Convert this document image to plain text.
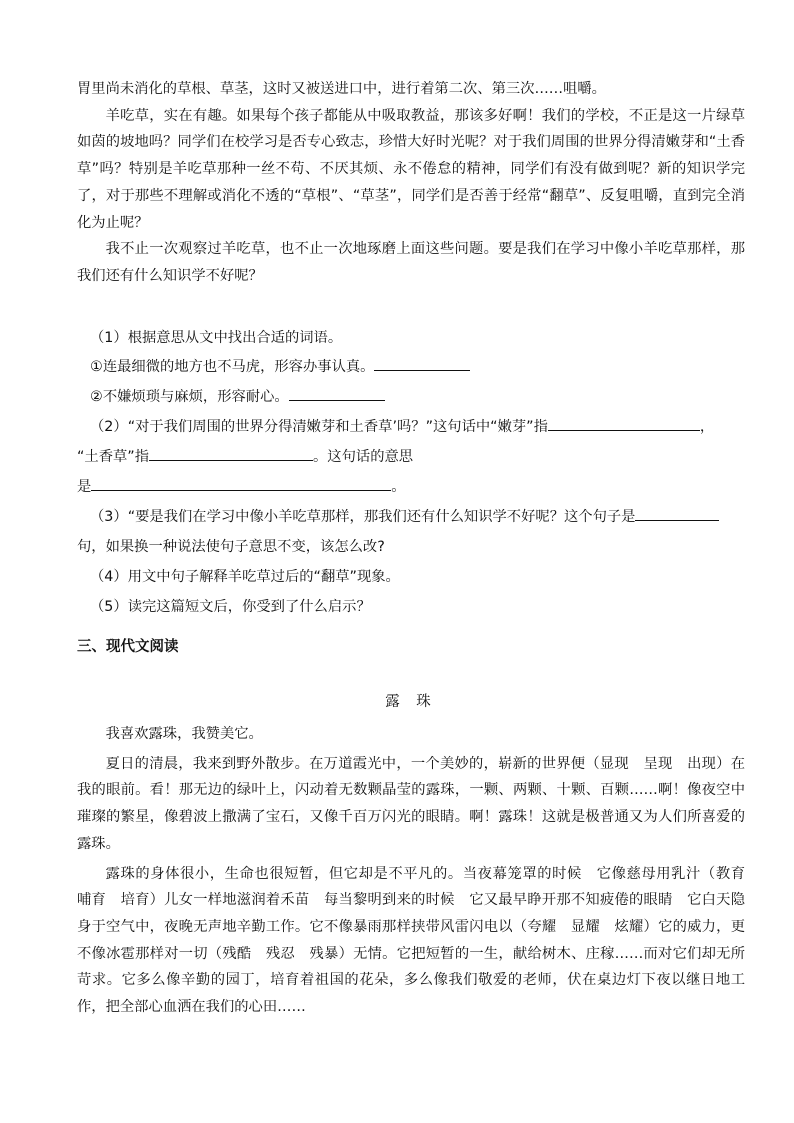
胃里尚未消化的草根、草茎，这时又被送进口中，进行着第二次、第三次……咀嚼。

羊吃草，实在有趣。如果每个孩子都能从中吸取教益，那该多好啊！我们的学校，不正是这一片绿草如茵的坡地吗？同学们在校学习是否专心致志，珍惜大好时光呢？对于我们周围的世界分得清嫩芽和“土香草”吗？特别是羊吃草那种一丝不苟、不厌其烦、永不倦怠的精神，同学们有没有做到呢？新的知识学完了，对于那些不理解或消化不透的“草根”、“草茎”，同学们是否善于经常“翻草”、反复咀嚼，直到完全消化为止呢？

我不止一次观察过羊吃草，也不止一次地琢磨上面这些问题。要是我们在学习中像小羊吃草那样，那我们还有什么知识学不好呢？

（1）根据意思从文中找出合适的词语。

①连最细微的地方也不马虎，形容办事认真。

②不嫌烦琐与麻烦，形容耐心。

（2）“对于我们周围的世界分得清嫩芽和土香草’吗？”这句话中“嫩芽”指	，

“土香草”指	。这句话的意思

是	。

（3）“要是我们在学习中像小羊吃草那样，那我们还有什么知识学不好呢？这个句子是

句，如果换一种说法使句子意思不变，该怎么改?

（4）用文中句子解释羊吃草过后的“翻草”现象。

（5）读完这篇短文后，你受到了什么启示？

三、现代文阅读

露 珠

我喜欢露珠，我赞美它。

夏日的清晨，我来到野外散步。在万道霞光中，一个美妙的，崭新的世界便（显现　呈现　出现）在我的眼前。看！那无边的绿叶上，闪动着无数颗晶莹的露珠，一颗、两颗、十颗、百颗……啊！像夜空中璀璨的繁星，像碧波上撒满了宝石，又像千百万闪光的眼睛。啊！露珠！这就是极普通又为人们所喜爱的露珠。

露珠的身体很小，生命也很短暂，但它却是不平凡的。当夜幕笼罩的时候　它像慈母用乳汁（教育　哺育　培育）儿女一样地滋润着禾苗　每当黎明到来的时候　它又最早睁开那不知疲倦的眼睛　它白天隐身于空气中，夜晚无声地辛勤工作。它不像暴雨那样挟带风雷闪电以（夸耀　显耀　炫耀）它的威力，更不像冰雹那样对一切（残酷　残忍　残暴）无情。它把短暂的一生，献给树木、庄稼……而对它们却无所苛求。它多么像辛勤的园丁，培育着祖国的花朵，多么像我们敬爱的老师，伏在桌边灯下夜以继日地工作，把全部心血洒在我们的心田……
